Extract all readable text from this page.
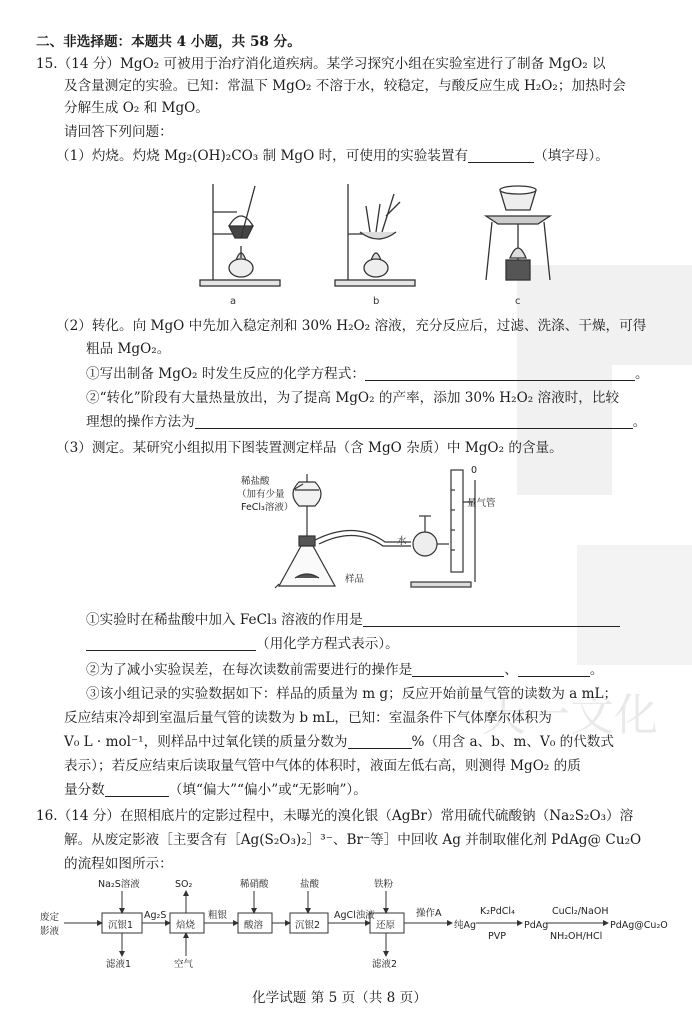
天一文化
二、非选择题：本题共 4 小题，共 58 分。
15.（14 分）MgO₂ 可被用于治疗消化道疾病。某学习探究小组在实验室进行了制备 MgO₂ 以
及含量测定的实验。已知：常温下 MgO₂ 不溶于水，较稳定，与酸反应生成 H₂O₂；加热时会
分解生成 O₂ 和 MgO。
请回答下列问题：
（1）灼烧。灼烧 Mg₂(OH)₂CO₃ 制 MgO 时，可使用的实验装置有	（填字母）。
a	b	c
（2）转化。向 MgO 中先加入稳定剂和 30% H₂O₂ 溶液，充分反应后，过滤、洗涤、干燥，可得
粗品 MgO₂。
①写出制备 MgO₂ 时发生反应的化学方程式：	。
②“转化”阶段有大量热量放出，为了提高 MgO₂ 的产率，添加 30% H₂O₂ 溶液时，比较
理想的操作方法为	。
（3）测定。某研究小组拟用下图装置测定样品（含 MgO 杂质）中 MgO₂ 的含量。
稀盐酸
（加有少量
FeCl₃溶液）
0
量气管
水
样品
①实验时在稀盐酸中加入 FeCl₃ 溶液的作用是
（用化学方程式表示）。
②为了减小实验误差，在每次读数前需要进行的操作是	、	。
③该小组记录的实验数据如下：样品的质量为 m g；反应开始前量气管的读数为 a mL；
反应结束冷却到室温后量气管的读数为 b mL，已知：室温条件下气体摩尔体积为
V₀ L · mol⁻¹，则样品中过氧化镁的质量分数为	%（用含 a、b、m、V₀ 的代数式
表示）；若反应结束后读取量气管中气体的体积时，液面左低右高，则测得 MgO₂ 的质
量分数	（填“偏大”“偏小”或“无影响”）。
16.（14 分）在照相底片的定影过程中，未曝光的溴化银（AgBr）常用硫代硫酸钠（Na₂S₂O₃）溶
解。从废定影液［主要含有［Ag(S₂O₃)₂］³⁻、Br⁻等］中回收 Ag 并制取催化剂 PdAg@ Cu₂O
的流程如图所示：
废定
影液
Na₂S溶液
沉银1
滤液1
Ag₂S
SO₂
焙烧
空气
粗银
稀硝酸
酸溶
盐酸
沉银2
AgCl浊液
铁粉
还原
滤液2
操作A
纯Ag
K₂PdCl₄
PVP
PdAg
CuCl₂/NaOH
NH₂OH/HCl
PdAg@Cu₂O
化学试题 第 5 页（共 8 页）
